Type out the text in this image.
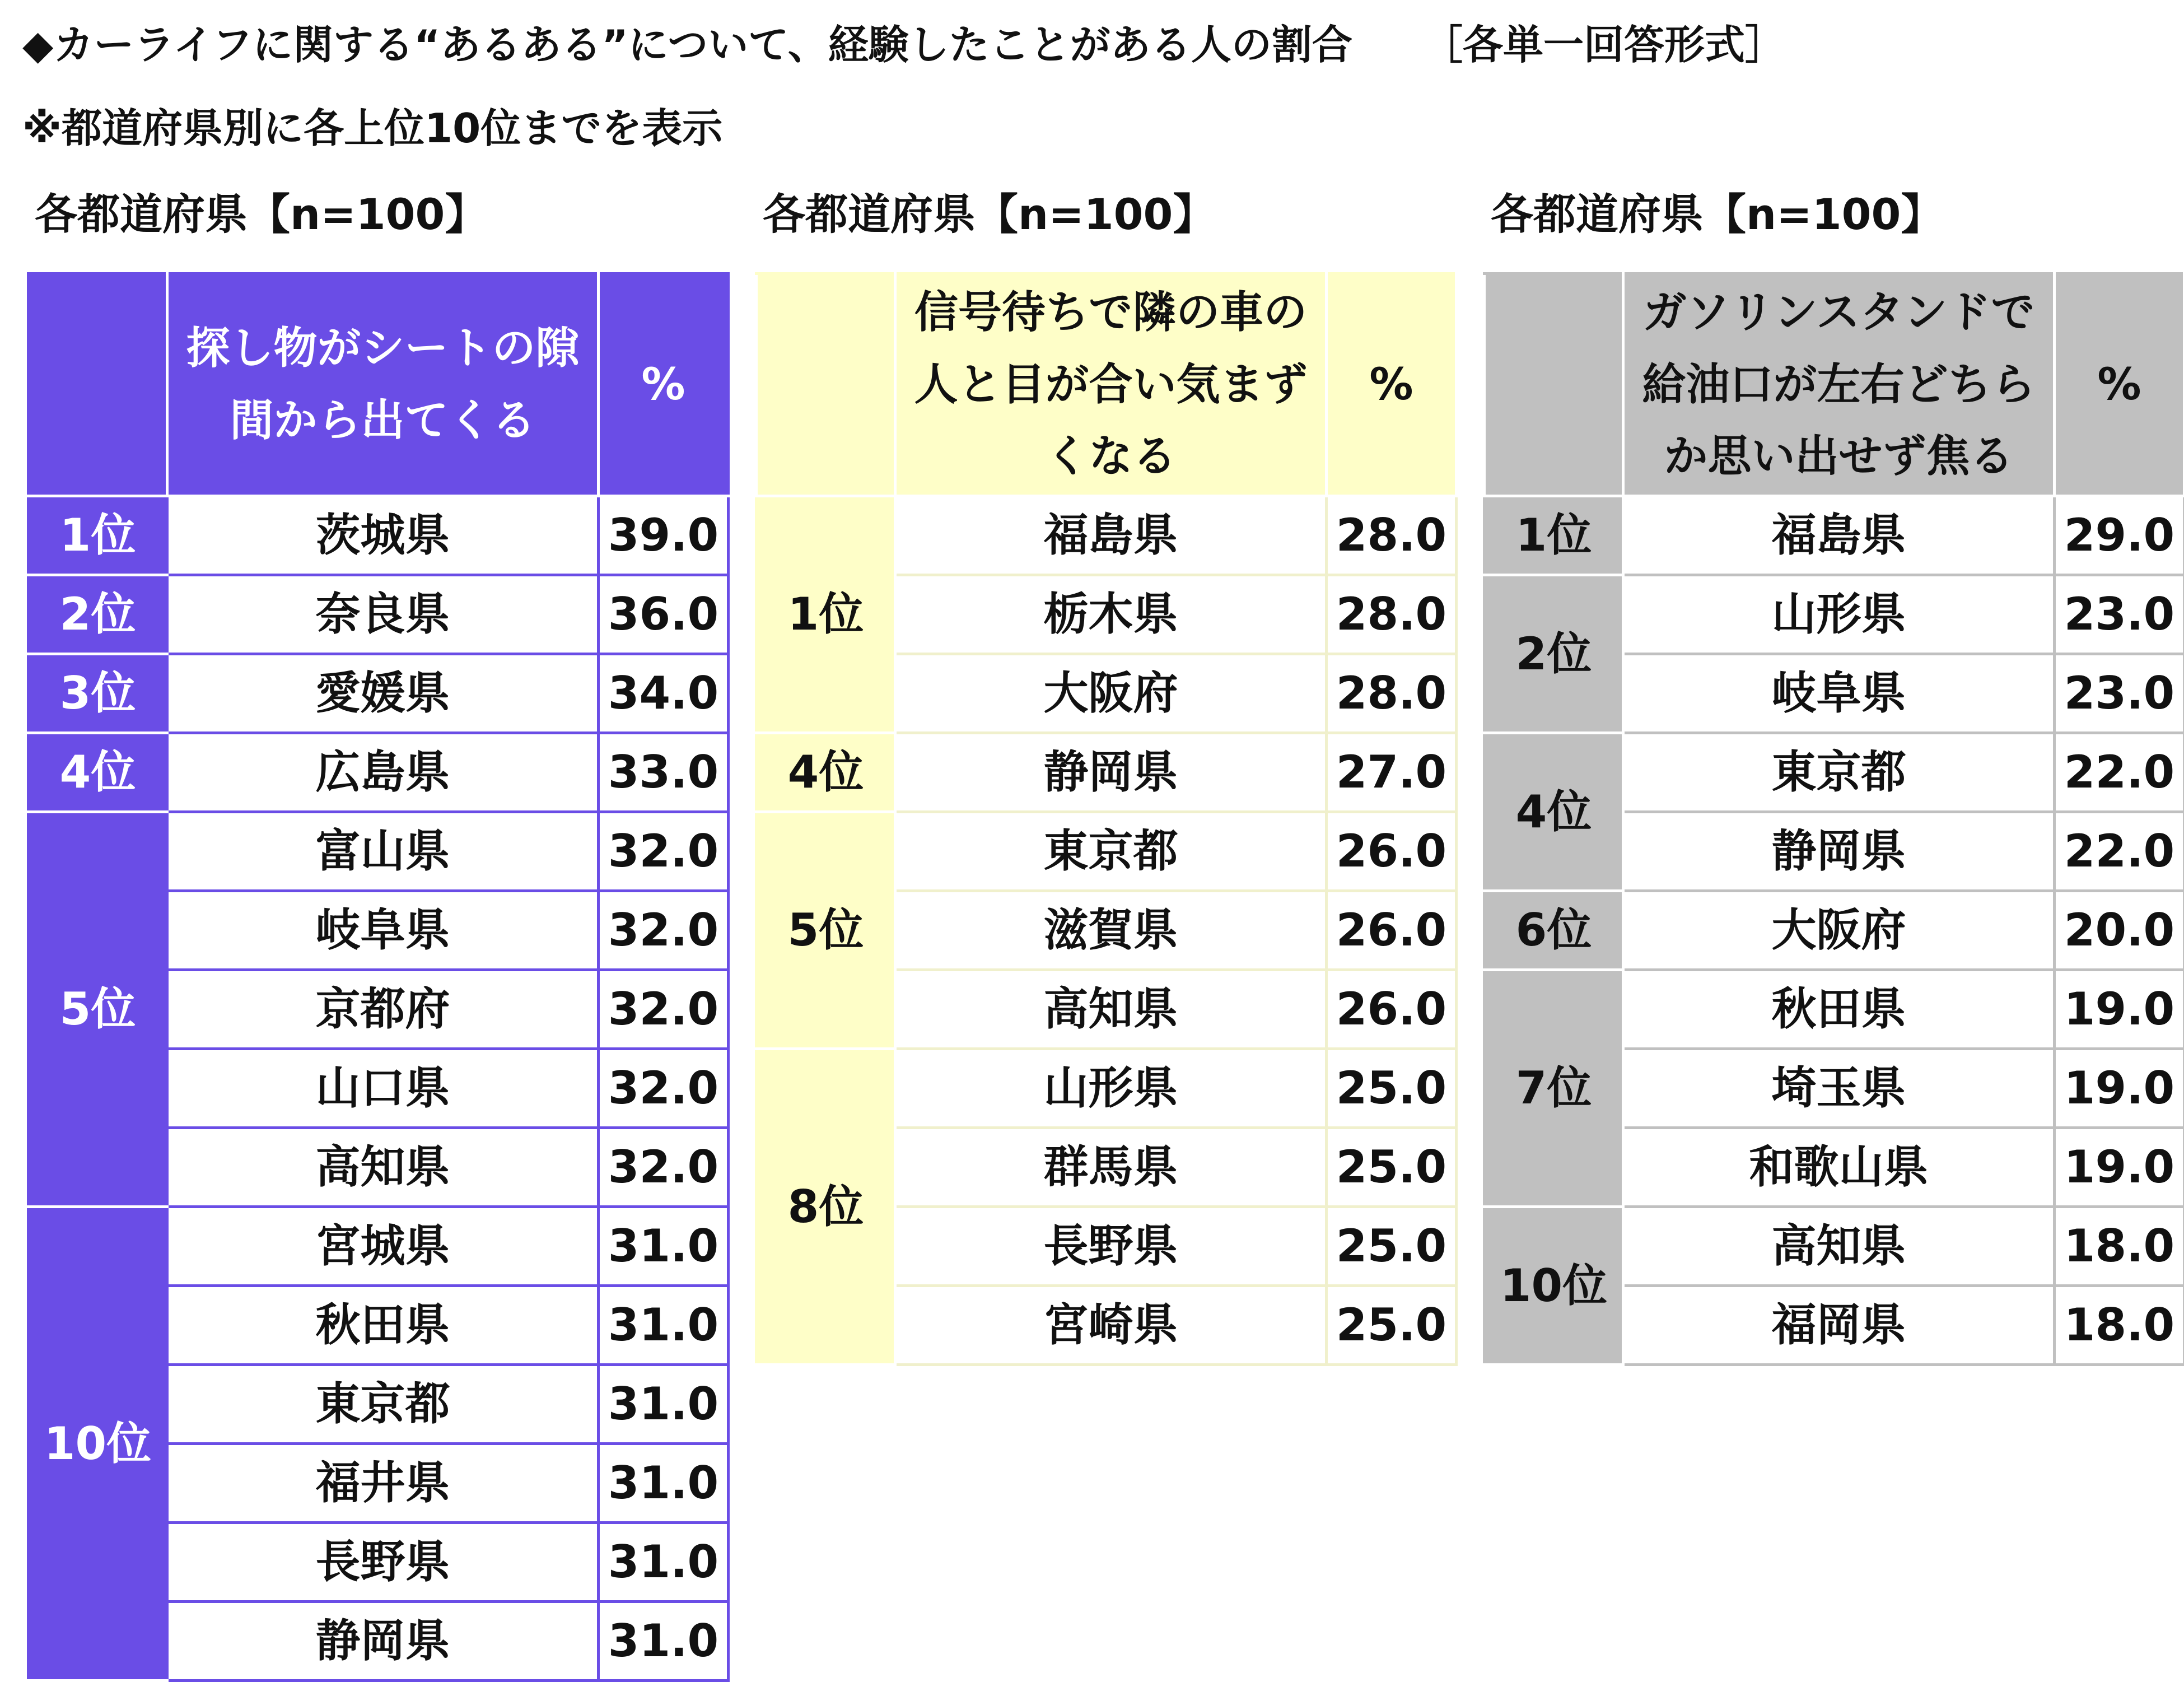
◆カーライフに関する“あるある”について、経験したことがある人の割合 ［各単一回答形式］
※都道府県別に各上位10位までを表示
各都道府県【n=100】	各都道府県【n=100】	各都道府県【n=100】
	探し物がシートの隙間から出てくる	%
1位	茨城県	39.0
2位	奈良県	36.0
3位	愛媛県	34.0
4位	広島県	33.0
5位	富山県	32.0
	岐阜県	32.0
	京都府	32.0
	山口県	32.0
	高知県	32.0
10位	宮城県	31.0
	秋田県	31.0
	東京都	31.0
	福井県	31.0
	長野県	31.0
	静岡県	31.0
	信号待ちで隣の車の人と目が合い気まずくなる	%
1位	福島県	28.0
	栃木県	28.0
	大阪府	28.0
4位	静岡県	27.0
5位	東京都	26.0
	滋賀県	26.0
	高知県	26.0
8位	山形県	25.0
	群馬県	25.0
	長野県	25.0
	宮崎県	25.0
	ガソリンスタンドで給油口が左右どちらか思い出せず焦る	%
1位	福島県	29.0
2位	山形県	23.0
	岐阜県	23.0
4位	東京都	22.0
	静岡県	22.0
6位	大阪府	20.0
7位	秋田県	19.0
	埼玉県	19.0
	和歌山県	19.0
10位	高知県	18.0
	福岡県	18.0
